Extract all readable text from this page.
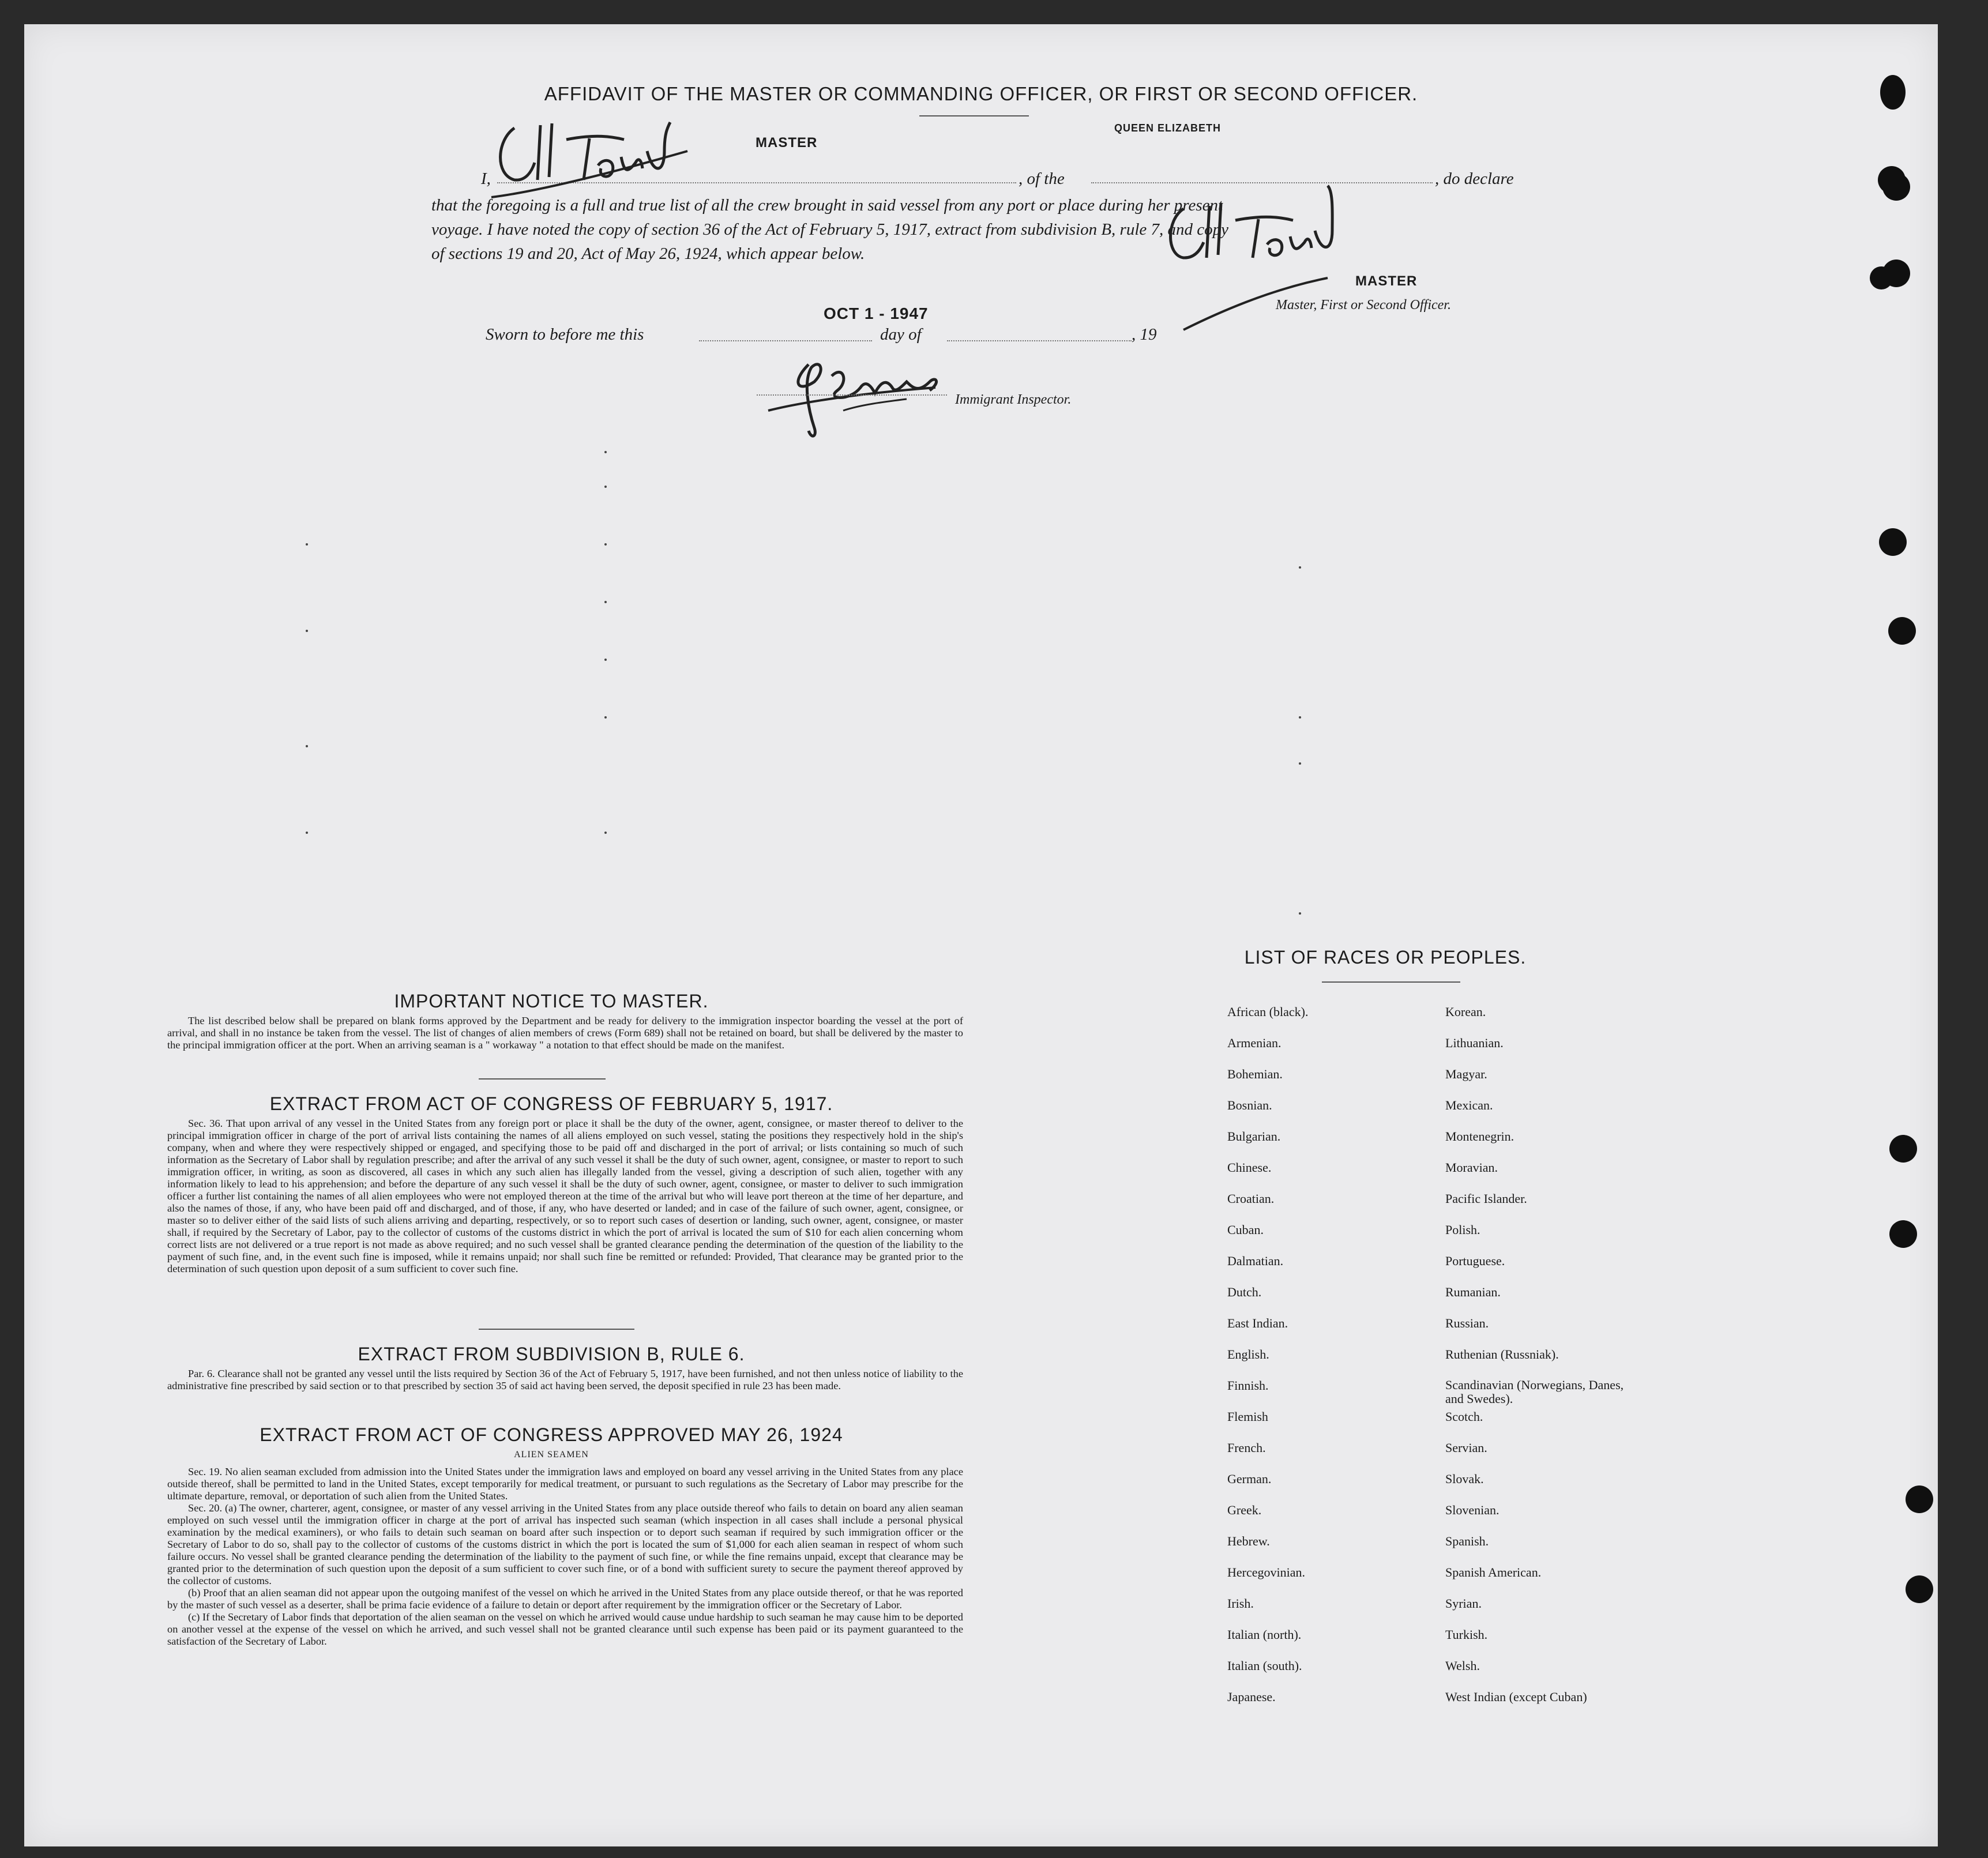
AFFIDAVIT OF THE MASTER OR COMMANDING OFFICER, OR FIRST OR SECOND OFFICER.
I,
MASTER
, of the
QUEEN ELIZABETH
, do declare
that the foregoing is a full and true list of all the crew brought in said vessel from any port or place during her present
voyage. I have noted the copy of section 36 of the Act of February 5, 1917, extract from subdivision B, rule 7, and copy
of sections 19 and 20, Act of May 26, 1924, which appear below.
MASTER
Master, First or Second Officer.
Sworn to before me this
OCT 1 - 1947
day of	, 19
Immigrant Inspector.
IMPORTANT NOTICE TO MASTER.

The list described below shall be prepared on blank forms approved by the Department and be ready for delivery to the immigration inspector boarding the vessel at the port of arrival, and shall in no instance be taken from the vessel. The list of changes of alien members of crews (Form 689) shall not be retained on board, but shall be delivered by the master to the principal immigration officer at the port. When an arriving seaman is a " workaway " a notation to that effect should be made on the manifest.

EXTRACT FROM ACT OF CONGRESS OF FEBRUARY 5, 1917.

Sec. 36. That upon arrival of any vessel in the United States from any foreign port or place it shall be the duty of the owner, agent, consignee, or master thereof to deliver to the principal immigration officer in charge of the port of arrival lists containing the names of all aliens employed on such vessel, stating the positions they respectively hold in the ship's company, when and where they were respectively shipped or engaged, and specifying those to be paid off and discharged in the port of arrival; or lists containing so much of such information as the Secretary of Labor shall by regulation prescribe; and after the arrival of any such vessel it shall be the duty of such owner, agent, consignee, or master to report to such immigration officer, in writing, as soon as discovered, all cases in which any such alien has illegally landed from the vessel, giving a description of such alien, together with any information likely to lead to his apprehension; and before the departure of any such vessel it shall be the duty of such owner, agent, consignee, or master to deliver to such immigration officer a further list containing the names of all alien employees who were not employed thereon at the time of the arrival but who will leave port thereon at the time of her departure, and also the names of those, if any, who have been paid off and discharged, and of those, if any, who have deserted or landed; and in case of the failure of such owner, agent, consignee, or master so to deliver either of the said lists of such aliens arriving and departing, respectively, or so to report such cases of desertion or landing, such owner, agent, consignee, or master shall, if required by the Secretary of Labor, pay to the collector of customs of the customs district in which the port of arrival is located the sum of $10 for each alien concerning whom correct lists are not delivered or a true report is not made as above required; and no such vessel shall be granted clearance pending the determination of the question of the liability to the payment of such fine, and, in the event such fine is imposed, while it remains unpaid; nor shall such fine be remitted or refunded: Provided, That clearance may be granted prior to the determination of such question upon deposit of a sum sufficient to cover such fine.

EXTRACT FROM SUBDIVISION B, RULE 6.

Par. 6. Clearance shall not be granted any vessel until the lists required by Section 36 of the Act of February 5, 1917, have been furnished, and not then unless notice of liability to the administrative fine prescribed by said section or to that prescribed by section 35 of said act having been served, the deposit specified in rule 23 has been made.

EXTRACT FROM ACT OF CONGRESS APPROVED MAY 26, 1924
ALIEN SEAMEN

Sec. 19. No alien seaman excluded from admission into the United States under the immigration laws and employed on board any vessel arriving in the United States from any place outside thereof, shall be permitted to land in the United States, except temporarily for medical treatment, or pursuant to such regulations as the Secretary of Labor may prescribe for the ultimate departure, removal, or deportation of such alien from the United States.

Sec. 20. (a) The owner, charterer, agent, consignee, or master of any vessel arriving in the United States from any place outside thereof who fails to detain on board any alien seaman employed on such vessel until the immigration officer in charge at the port of arrival has inspected such seaman (which inspection in all cases shall include a personal physical examination by the medical examiners), or who fails to detain such seaman on board after such inspection or to deport such seaman if required by such immigration officer or the Secretary of Labor to do so, shall pay to the collector of customs of the customs district in which the port is located the sum of $1,000 for each alien seaman in respect of whom such failure occurs. No vessel shall be granted clearance pending the determination of the liability to the payment of such fine, or while the fine remains unpaid, except that clearance may be granted prior to the determination of such question upon the deposit of a sum sufficient to cover such fine, or of a bond with sufficient surety to secure the payment thereof approved by the collector of customs.

(b) Proof that an alien seaman did not appear upon the outgoing manifest of the vessel on which he arrived in the United States from any place outside thereof, or that he was reported by the master of such vessel as a deserter, shall be prima facie evidence of a failure to detain or deport after requirement by the immigration officer or the Secretary of Labor.

(c) If the Secretary of Labor finds that deportation of the alien seaman on the vessel on which he arrived would cause undue hardship to such seaman he may cause him to be deported on another vessel at the expense of the vessel on which he arrived, and such vessel shall not be granted clearance until such expense has been paid or its payment guaranteed to the satisfaction of the Secretary of Labor.

LIST OF RACES OR PEOPLES.
African (black).
Armenian.
Bohemian.
Bosnian.
Bulgarian.
Chinese.
Croatian.
Cuban.
Dalmatian.
Dutch.
East Indian.
English.
Finnish.
Flemish
French.
German.
Greek.
Hebrew.
Hercegovinian.
Irish.
Italian (north).
Italian (south).
Japanese.
Korean.
Lithuanian.
Magyar.
Mexican.
Montenegrin.
Moravian.
Pacific Islander.
Polish.
Portuguese.
Rumanian.
Russian.
Ruthenian (Russniak).
Scandinavian (Norwegians, Danes, and Swedes).
Scotch.
Servian.
Slovak.
Slovenian.
Spanish.
Spanish American.
Syrian.
Turkish.
Welsh.
West Indian (except Cuban)
